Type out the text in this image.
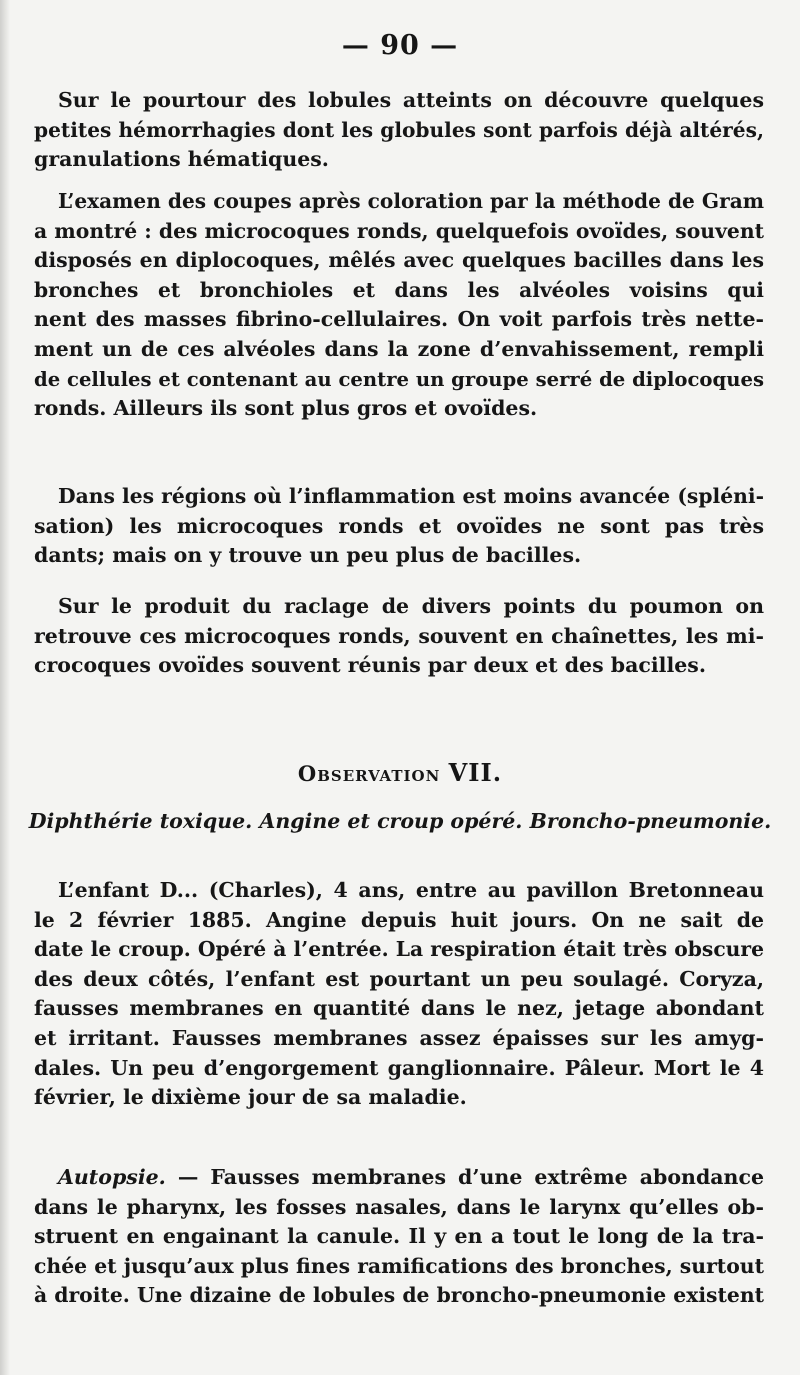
— 90 —
Sur le pourtour des lobules atteints on découvre quelques
petites hémorrhagies dont les globules sont parfois déjà altérés,
granulations hématiques.
L’examen des coupes après coloration par la méthode de Gram
a montré : des microcoques ronds, quelquefois ovoïdes, souvent
disposés en diplocoques, mêlés avec quelques bacilles dans les
bronches et bronchioles et dans les alvéoles voisins qui
nent des masses fibrino-cellulaires. On voit parfois très nette-
ment un de ces alvéoles dans la zone d’envahissement, rempli
de cellules et contenant au centre un groupe serré de diplocoques
ronds. Ailleurs ils sont plus gros et ovoïdes.
Dans les régions où l’inflammation est moins avancée (spléni-
sation) les microcoques ronds et ovoïdes ne sont pas très
dants; mais on y trouve un peu plus de bacilles.
Sur le produit du raclage de divers points du poumon on
retrouve ces microcoques ronds, souvent en chaînettes, les mi-
crocoques ovoïdes souvent réunis par deux et des bacilles.
Observation VII.
Diphthérie toxique. Angine et croup opéré. Broncho-pneumonie.
L’enfant D... (Charles), 4 ans, entre au pavillon Bretonneau
le 2 février 1885. Angine depuis huit jours. On ne sait de
date le croup. Opéré à l’entrée. La respiration était très obscure
des deux côtés, l’enfant est pourtant un peu soulagé. Coryza,
fausses membranes en quantité dans le nez, jetage abondant
et irritant. Fausses membranes assez épaisses sur les amyg-
dales. Un peu d’engorgement ganglionnaire. Pâleur. Mort le 4
février, le dixième jour de sa maladie.
Autopsie. — Fausses membranes d’une extrême abondance
dans le pharynx, les fosses nasales, dans le larynx qu’elles ob-
struent en engainant la canule. Il y en a tout le long de la tra-
chée et jusqu’aux plus fines ramifications des bronches, surtout
à droite. Une dizaine de lobules de broncho-pneumonie existent
